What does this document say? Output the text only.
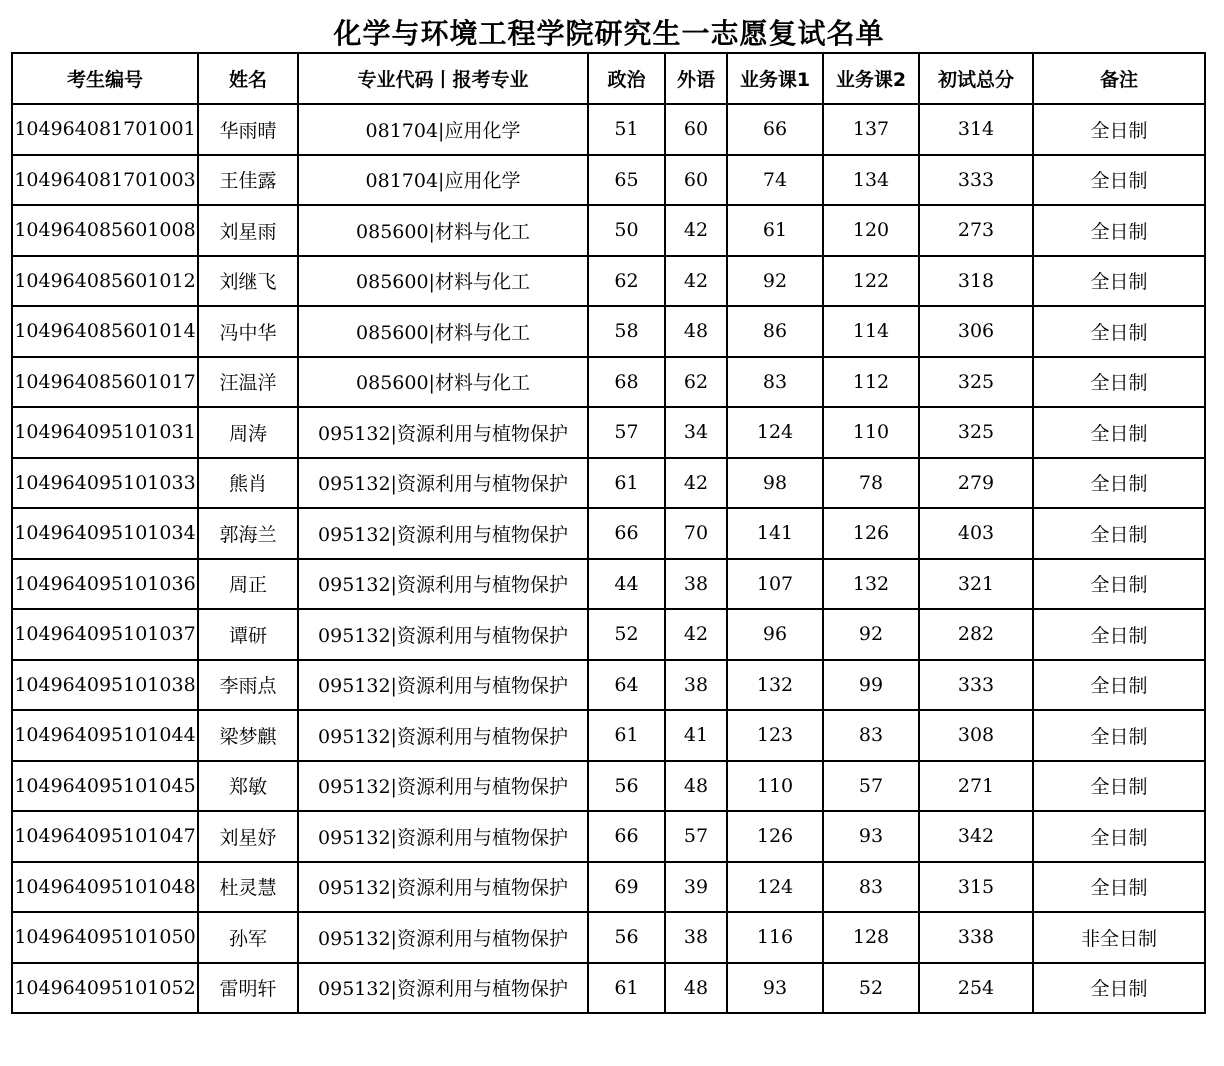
化学与环境工程学院研究生一志愿复试名单
考生编号	姓名	专业代码丨报考专业	政治	外语	业务课1	业务课2	初试总分	备注
104964081701001	华雨晴	081704|应用化学	51	60	66	137	314	全日制
104964081701003	王佳露	081704|应用化学	65	60	74	134	333	全日制
104964085601008	刘星雨	085600|材料与化工	50	42	61	120	273	全日制
104964085601012	刘继飞	085600|材料与化工	62	42	92	122	318	全日制
104964085601014	冯中华	085600|材料与化工	58	48	86	114	306	全日制
104964085601017	汪温洋	085600|材料与化工	68	62	83	112	325	全日制
104964095101031	周涛	095132|资源利用与植物保护	57	34	124	110	325	全日制
104964095101033	熊肖	095132|资源利用与植物保护	61	42	98	78	279	全日制
104964095101034	郭海兰	095132|资源利用与植物保护	66	70	141	126	403	全日制
104964095101036	周正	095132|资源利用与植物保护	44	38	107	132	321	全日制
104964095101037	谭研	095132|资源利用与植物保护	52	42	96	92	282	全日制
104964095101038	李雨点	095132|资源利用与植物保护	64	38	132	99	333	全日制
104964095101044	梁梦麒	095132|资源利用与植物保护	61	41	123	83	308	全日制
104964095101045	郑敏	095132|资源利用与植物保护	56	48	110	57	271	全日制
104964095101047	刘星妤	095132|资源利用与植物保护	66	57	126	93	342	全日制
104964095101048	杜灵慧	095132|资源利用与植物保护	69	39	124	83	315	全日制
104964095101050	孙军	095132|资源利用与植物保护	56	38	116	128	338	非全日制
104964095101052	雷明轩	095132|资源利用与植物保护	61	48	93	52	254	全日制
